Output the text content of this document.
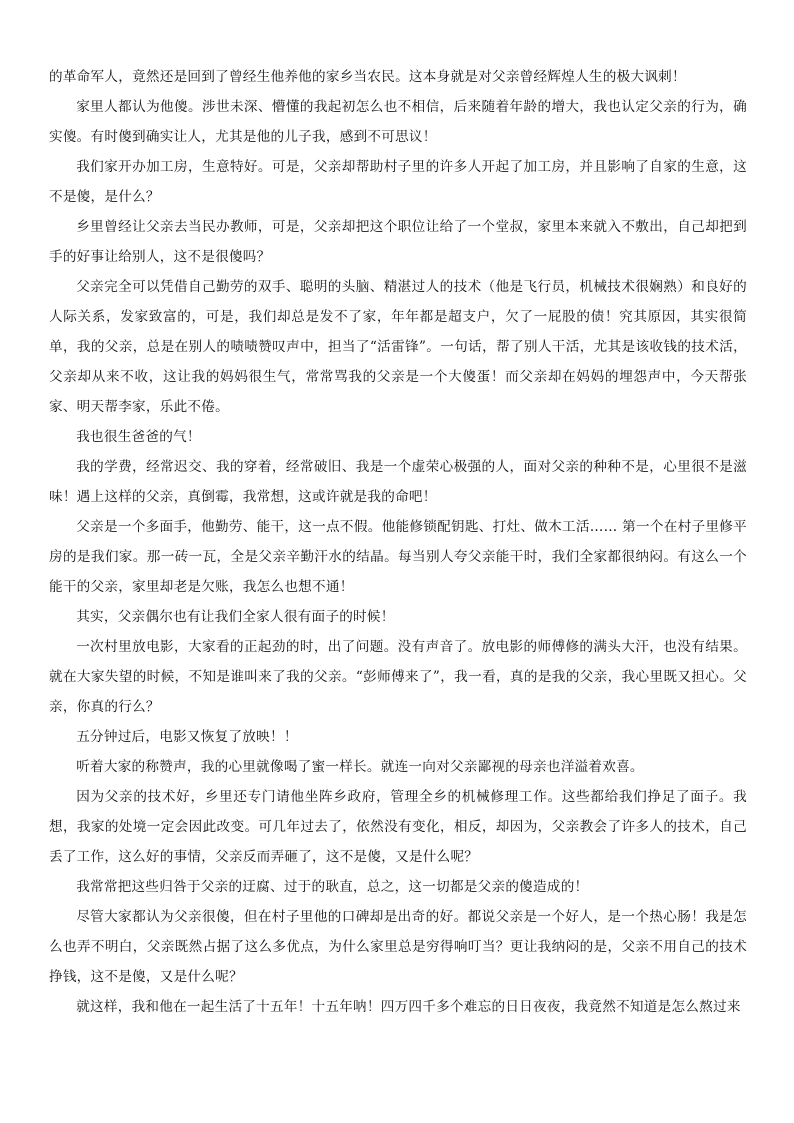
的革命军人，竟然还是回到了曾经生他养他的家乡当农民。这本身就是对父亲曾经辉煌人生的极大讽刺！

家里人都认为他傻。涉世未深、懵懂的我起初怎么也不相信，后来随着年龄的增大，我也认定父亲的行为，确实傻。有时傻到确实让人，尤其是他的儿子我，感到不可思议！

我们家开办加工房，生意特好。可是，父亲却帮助村子里的许多人开起了加工房，并且影响了自家的生意，这不是傻，是什么？

乡里曾经让父亲去当民办教师，可是，父亲却把这个职位让给了一个堂叔，家里本来就入不敷出，自己却把到手的好事让给别人，这不是很傻吗？

父亲完全可以凭借自己勤劳的双手、聪明的头脑、精湛过人的技术（他是飞行员，机械技术很娴熟）和良好的人际关系，发家致富的，可是，我们却总是发不了家，年年都是超支户，欠了一屁股的债！究其原因，其实很简单，我的父亲，总是在别人的啧啧赞叹声中，担当了“活雷锋”。一句话，帮了别人干活，尤其是该收钱的技术活，父亲却从来不收，这让我的妈妈很生气，常常骂我的父亲是一个大傻蛋！而父亲却在妈妈的埋怨声中，今天帮张家、明天帮李家，乐此不倦。

我也很生爸爸的气！

我的学费，经常迟交、我的穿着，经常破旧、我是一个虚荣心极强的人，面对父亲的种种不是，心里很不是滋味！遇上这样的父亲，真倒霉，我常想，这或许就是我的命吧！

父亲是一个多面手，他勤劳、能干，这一点不假。他能修锁配钥匙、打灶、做木工活…… 第一个在村子里修平房的是我们家。那一砖一瓦，全是父亲辛勤汗水的结晶。每当别人夸父亲能干时，我们全家都很纳闷。有这么一个能干的父亲，家里却老是欠账，我怎么也想不通！

其实，父亲偶尔也有让我们全家人很有面子的时候！

一次村里放电影，大家看的正起劲的时，出了问题。没有声音了。放电影的师傅修的满头大汗，也没有结果。就在大家失望的时候，不知是谁叫来了我的父亲。“彭师傅来了”，我一看，真的是我的父亲，我心里既又担心。父亲，你真的行么？

五分钟过后，电影又恢复了放映！！

听着大家的称赞声，我的心里就像喝了蜜一样长。就连一向对父亲鄙视的母亲也洋溢着欢喜。

因为父亲的技术好，乡里还专门请他坐阵乡政府，管理全乡的机械修理工作。这些都给我们挣足了面子。我想，我家的处境一定会因此改变。可几年过去了，依然没有变化，相反，却因为，父亲教会了许多人的技术，自己丢了工作，这么好的事情，父亲反而弄砸了，这不是傻，又是什么呢？

我常常把这些归咎于父亲的迂腐、过于的耿直，总之，这一切都是父亲的傻造成的！

尽管大家都认为父亲很傻，但在村子里他的口碑却是出奇的好。都说父亲是一个好人，是一个热心肠！我是怎么也弄不明白，父亲既然占据了这么多优点，为什么家里总是穷得响叮当？更让我纳闷的是，父亲不用自己的技术挣钱，这不是傻，又是什么呢？

就这样，我和他在一起生活了十五年！十五年呐！四万四千多个难忘的日日夜夜，我竟然不知道是怎么熬过来
